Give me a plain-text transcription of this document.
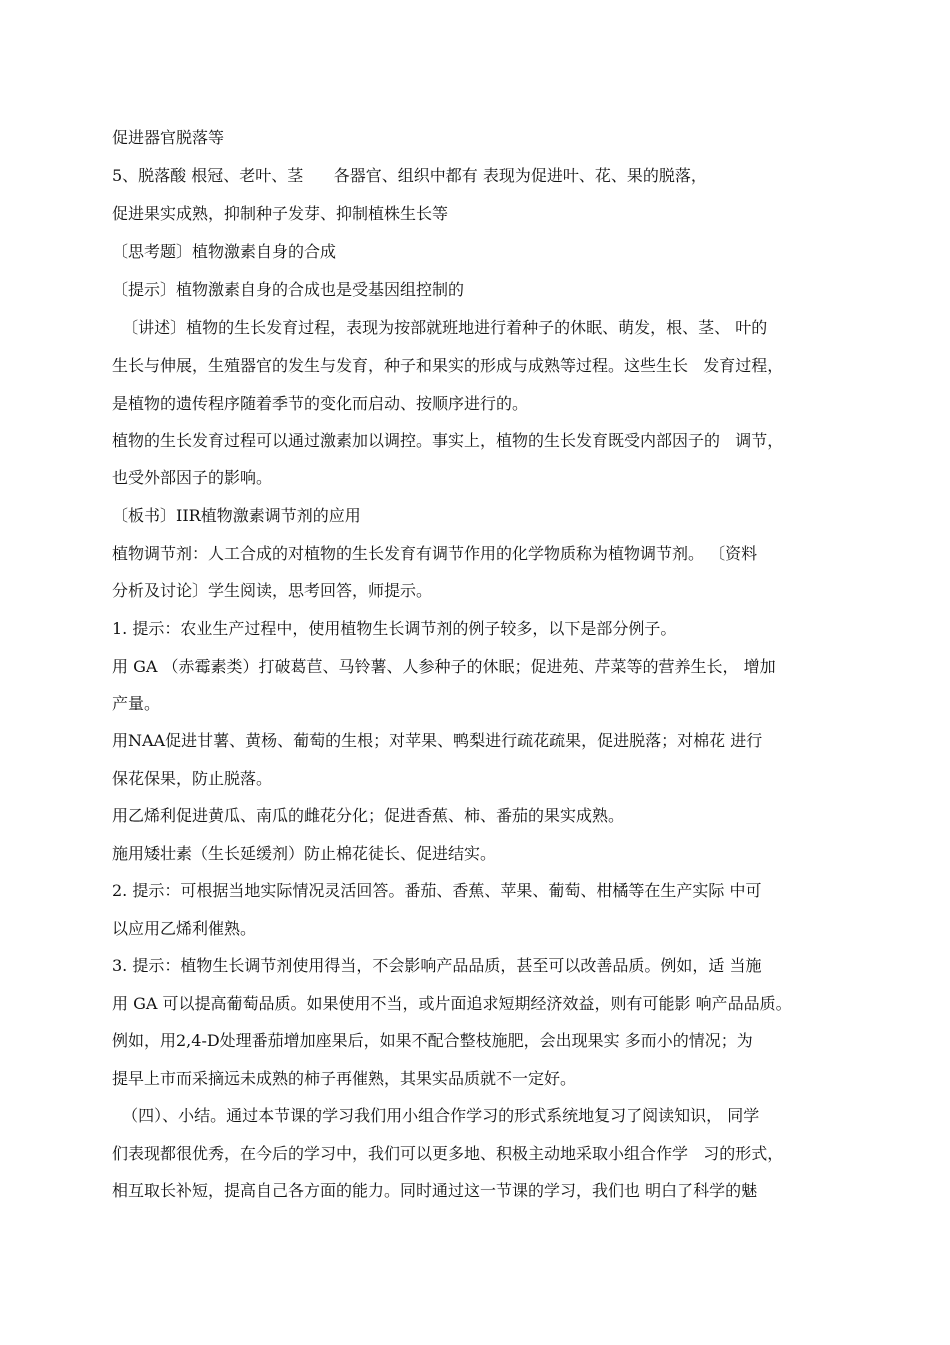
促进器官脱落等
5、脱落酸 根冠、老叶、茎      各器官、组织中都有 表现为促进叶、花、果的脱落，
促进果实成熟，抑制种子发芽、抑制植株生长等
〔思考题〕植物激素自身的合成
〔提示〕植物激素自身的合成也是受基因组控制的
〔讲述〕植物的生长发育过程，表现为按部就班地进行着种子的休眠、萌发，根、茎、 叶的
生长与伸展，生殖器官的发生与发育，种子和果实的形成与成熟等过程。这些生长   发育过程，
是植物的遗传程序随着季节的变化而启动、按顺序进行的。
植物的生长发育过程可以通过激素加以调控。事实上，植物的生长发育既受内部因子的   调节，
也受外部因子的影响。
〔板书〕IIR植物激素调节剂的应用
植物调节剂：人工合成的对植物的生长发育有调节作用的化学物质称为植物调节剂。 〔资料
分析及讨论〕学生阅读，思考回答，师提示。
1. 提示：农业生产过程中，使用植物生长调节剂的例子较多，以下是部分例子。
用 GA （赤霉素类）打破葛苣、马铃薯、人参种子的休眠；促进苑、芹菜等的营养生长， 增加
产量。
用NAA促进甘薯、黄杨、葡萄的生根；对苹果、鸭梨进行疏花疏果，促进脱落；对棉花 进行
保花保果，防止脱落。
用乙烯利促进黄瓜、南瓜的雌花分化；促进香蕉、柿、番茄的果实成熟。
施用矮壮素（生长延缓剂）防止棉花徒长、促进结实。
2. 提示：可根据当地实际情况灵活回答。番茄、香蕉、苹果、葡萄、柑橘等在生产实际 中可
以应用乙烯利催熟。
3. 提示：植物生长调节剂使用得当，不会影响产品品质，甚至可以改善品质。例如，适 当施
用 GA 可以提高葡萄品质。如果使用不当，或片面追求短期经济效益，则有可能影 响产品品质。
例如，用2,4-D处理番茄增加座果后，如果不配合整枝施肥，会出现果实 多而小的情况；为
提早上市而采摘远未成熟的柿子再催熟，其果实品质就不一定好。
（四）、小结。通过本节课的学习我们用小组合作学习的形式系统地复习了阅读知识， 同学
们表现都很优秀，在今后的学习中，我们可以更多地、积极主动地采取小组合作学   习的形式，
相互取长补短，提高自己各方面的能力。同时通过这一节课的学习，我们也 明白了科学的魅
